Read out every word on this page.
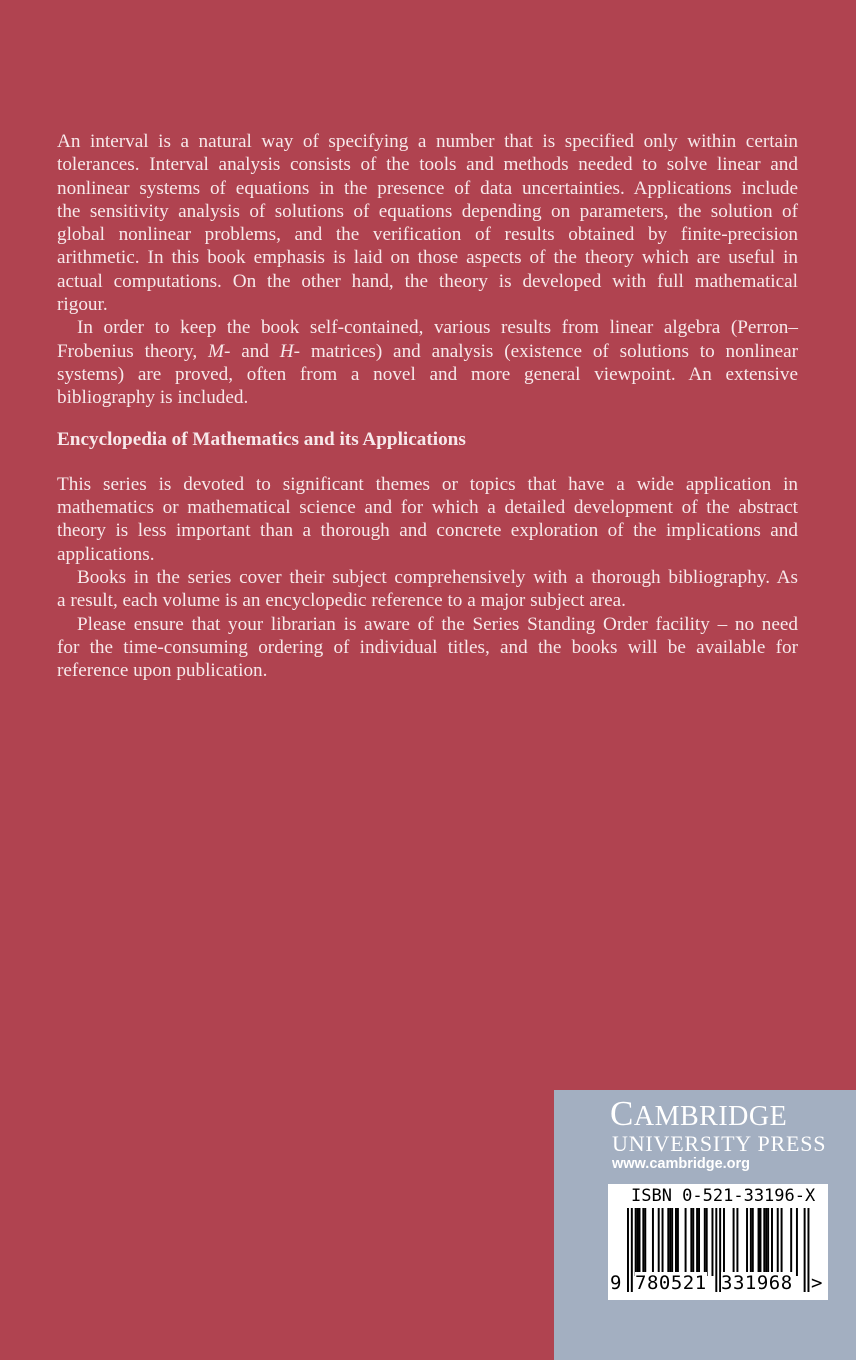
An interval is a natural way of specifying a number that is specified only within certain
tolerances. Interval analysis consists of the tools and methods needed to solve linear and
nonlinear systems of equations in the presence of data uncertainties. Applications include
the sensitivity analysis of solutions of equations depending on parameters, the solution of
global nonlinear problems, and the verification of results obtained by finite-precision
arithmetic. In this book emphasis is laid on those aspects of the theory which are useful in
actual computations. On the other hand, the theory is developed with full mathematical
rigour.
In order to keep the book self-contained, various results from linear algebra (Perron–
Frobenius theory, M- and H- matrices) and analysis (existence of solutions to nonlinear
systems) are proved, often from a novel and more general viewpoint. An extensive
bibliography is included.
Encyclopedia of Mathematics and its Applications
This series is devoted to significant themes or topics that have a wide application in
mathematics or mathematical science and for which a detailed development of the abstract
theory is less important than a thorough and concrete exploration of the implications and
applications.
Books in the series cover their subject comprehensively with a thorough bibliography. As
a result, each volume is an encyclopedic reference to a major subject area.
Please ensure that your librarian is aware of the Series Standing Order facility – no need
for the time-consuming ordering of individual titles, and the books will be available for
reference upon publication.
CAMBRIDGE
UNIVERSITY PRESS
www.cambridge.org
ISBN 0-521-33196-X
9 780521 331968 >
